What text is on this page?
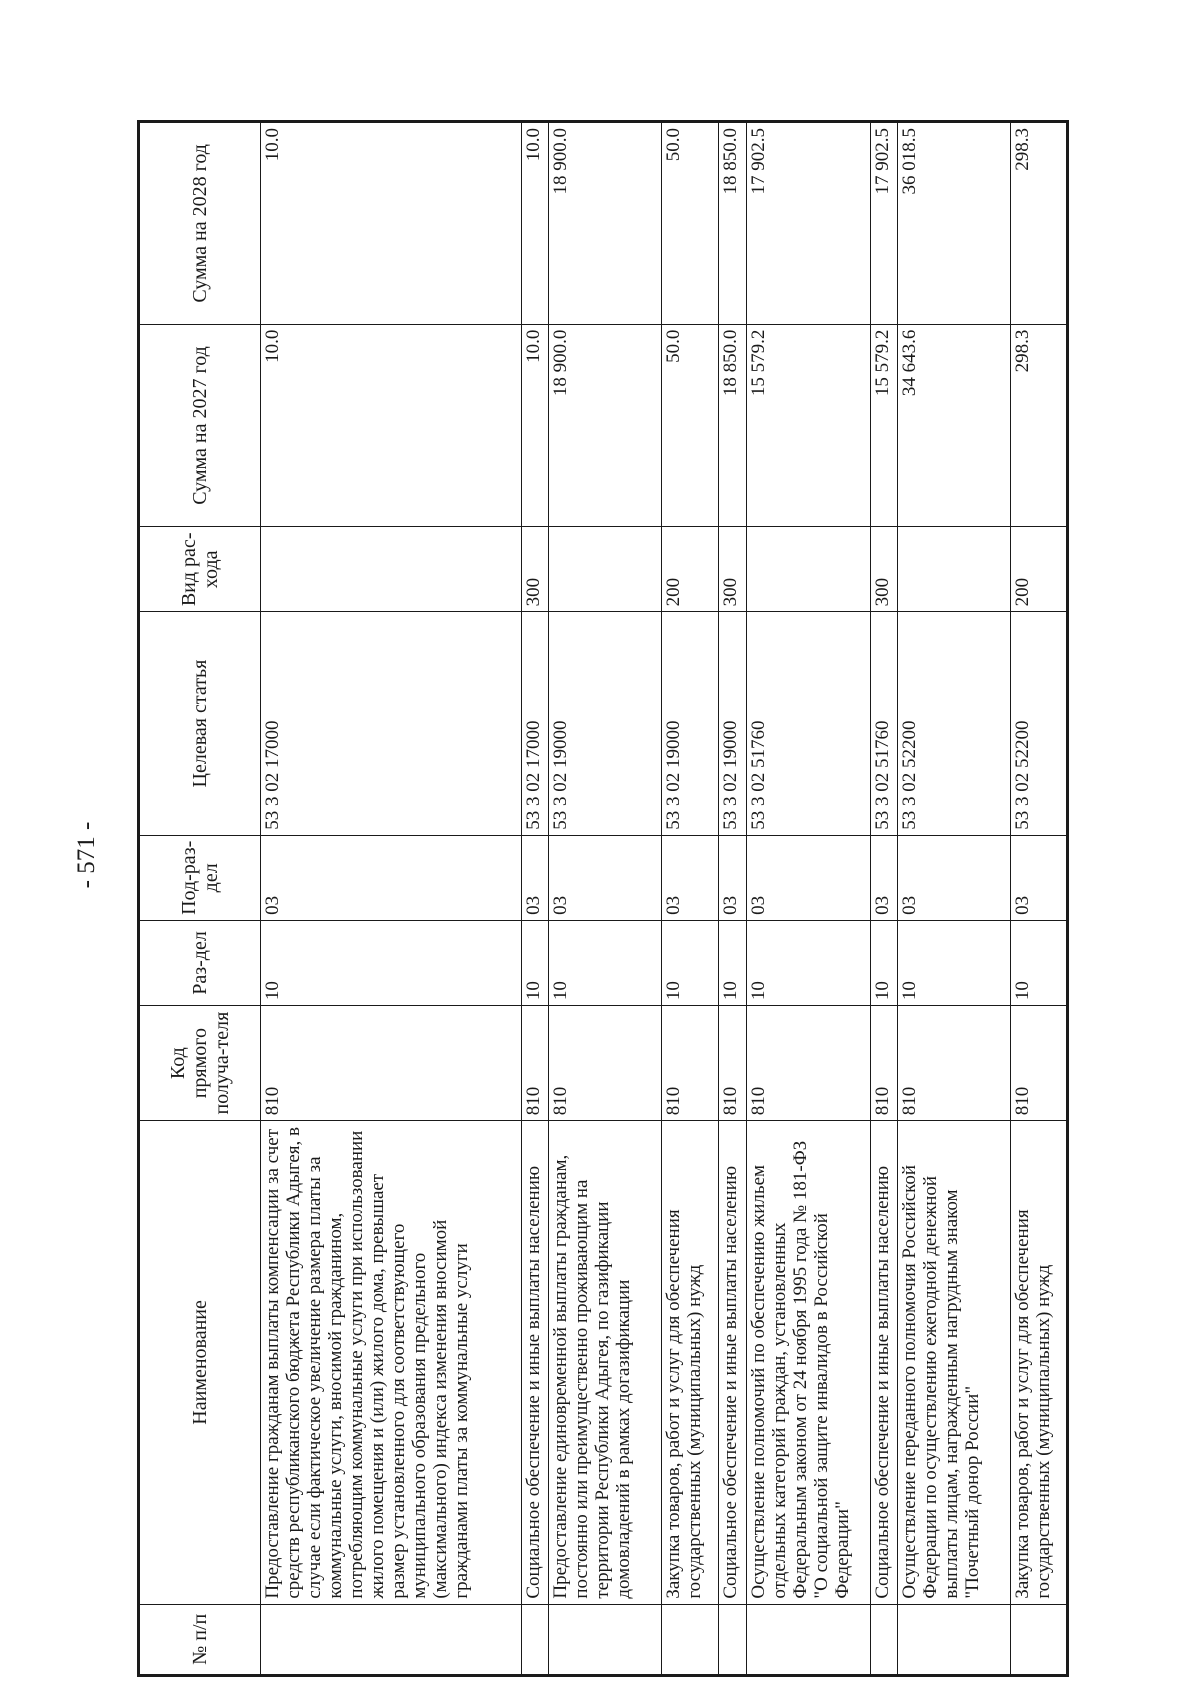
- 571 -
№ п/п	Наименование	Код прямого получа-теля	Раз-дел	Под-раз-дел	Целевая статья	Вид рас-хода	Сумма на 2027 год	Сумма на 2028 год
	Предоставление гражданам выплаты компенсации за счет средств республиканского бюджета Республики Адыгея, в случае если фактическое увеличение размера платы за коммунальные услуги, вносимой гражданином, потребляющим коммунальные услуги при использовании жилого помещения и (или) жилого дома, превышает размер установленного для соответствующего муниципального образования предельного (максимального) индекса изменения вносимой гражданами платы за коммунальные услуги	810	10	03	53 3 02 17000		10.0	10.0
	Социальное обеспечение и иные выплаты населению	810	10	03	53 3 02 17000	300	10.0	10.0
	Предоставление единовременной выплаты гражданам, постоянно или преимущественно проживающим на территории Республики Адыгея, по газификации домовладений в рамках догазификации	810	10	03	53 3 02 19000		18 900.0	18 900.0
	Закупка товаров, работ и услуг для обеспечения государственных (муниципальных) нужд	810	10	03	53 3 02 19000	200	50.0	50.0
	Социальное обеспечение и иные выплаты населению	810	10	03	53 3 02 19000	300	18 850.0	18 850.0
	Осуществление полномочий по обеспечению жильем отдельных категорий граждан, установленных Федеральным законом от 24 ноября 1995 года № 181-ФЗ "О социальной защите инвалидов в Российской Федерации"	810	10	03	53 3 02 51760		15 579.2	17 902.5
	Социальное обеспечение и иные выплаты населению	810	10	03	53 3 02 51760	300	15 579.2	17 902.5
	Осуществление переданного полномочия Российской Федерации по осуществлению ежегодной денежной выплаты лицам, награжденным нагрудным знаком "Почетный донор России"	810	10	03	53 3 02 52200		34 643.6	36 018.5
	Закупка товаров, работ и услуг для обеспечения государственных (муниципальных) нужд	810	10	03	53 3 02 52200	200	298.3	298.3
